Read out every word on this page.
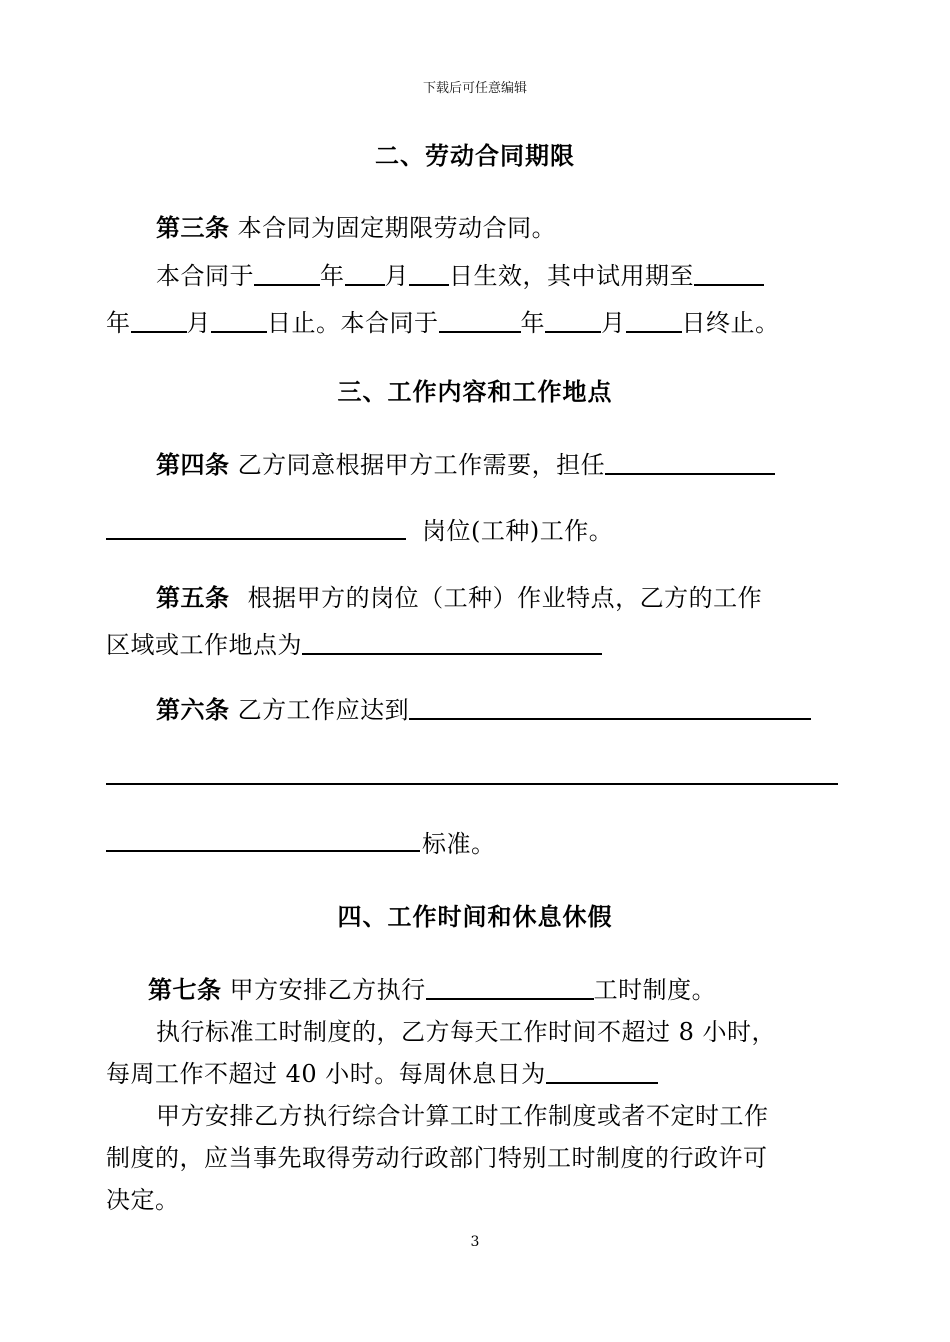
下载后可任意编辑
二、劳动合同期限
第三条 本合同为固定期限劳动合同。
本合同于	年 月 日生效，其中试用期至
年 月 日止。本合同于	年 月 日终止。
三、工作内容和工作地点
第四条 乙方同意根据甲方工作需要，担任
岗位(工种)工作。
第五条 根据甲方的岗位（工种）作业特点，乙方的工作
区域或工作地点为
第六条 乙方工作应达到
标准。
四、工作时间和休息休假
第七条 甲方安排乙方执行	工时制度。
执行标准工时制度的，乙方每天工作时间不超过 8 小时，
每周工作不超过 40 小时。每周休息日为
甲方安排乙方执行综合计算工时工作制度或者不定时工作
制度的，应当事先取得劳动行政部门特别工时制度的行政许可
决定。
3
